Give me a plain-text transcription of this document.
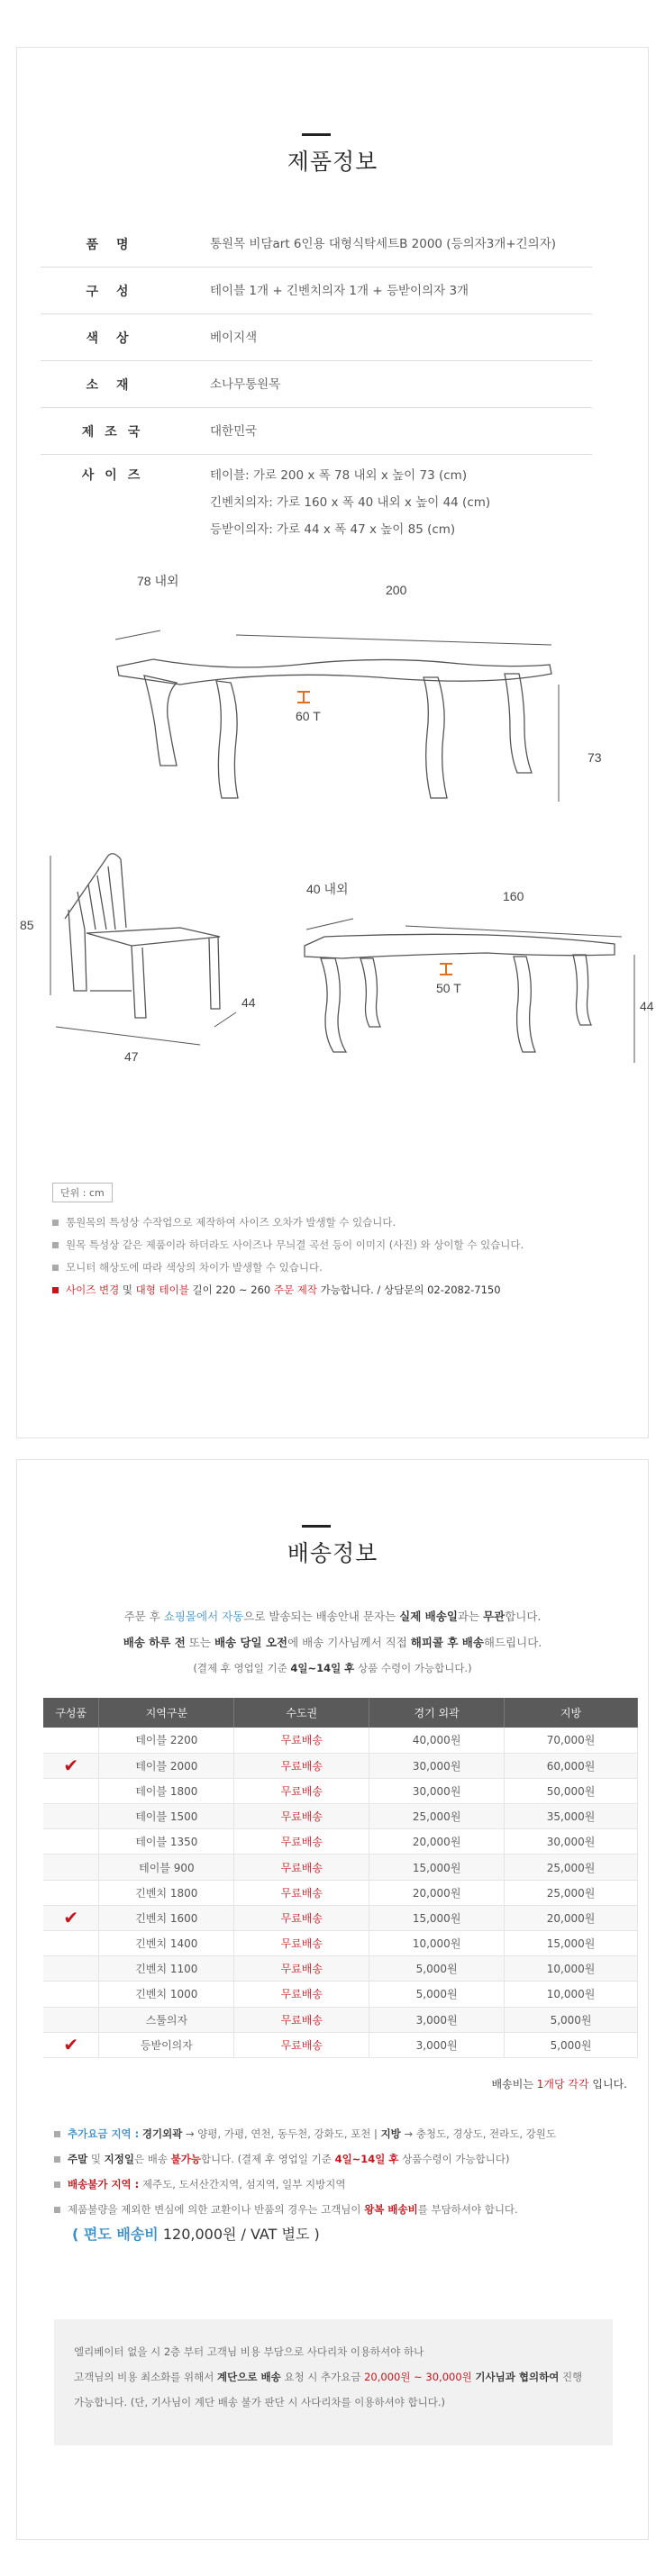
제품정보
품명	통원목 비담art 6인용 대형식탁세트B 2000 (등의자3개+긴의자)
구성	테이블 1개 + 긴벤치의자 1개 + 등받이의자 3개
색상	베이지색
소재	소나무통원목
제조국	대한민국
사이즈	테이블: 가로 200 x 폭 78 내외 x 높이 73 (cm)
긴벤치의자: 가로 160 x 폭 40 내외 x 높이 44 (cm)
등받이의자: 가로 44 x 폭 47 x 높이 85 (cm)
78 내외
200
60 T
73
85
47
44
40 내외	160
50 T
44
단위 : cm
통원목의 특성상 수작업으로 제작하여 사이즈 오차가 발생할 수 있습니다.
원목 특성상 같은 제품이라 하더라도 사이즈나 무늬결 곡선 등이 이미지 (사진) 와 상이할 수 있습니다.
모니터 해상도에 따라 색상의 차이가 발생할 수 있습니다.
사이즈 변경
및
대형 테이블
길이 220 ~ 260
주문 제작
가능합니다. / 상담문의 02-2082-7150
배송정보
주문 후 쇼핑몰에서 자동으로 발송되는 배송안내 문자는 실제 배송일과는 무관합니다.
배송 하루 전 또는 배송 당일 오전에 배송 기사님께서 직접 해피콜 후 배송해드립니다.
(결제 후 영업일 기준 4일~14일 후 상품 수령이 가능합니다.)
구성품	지역구분	수도권	경기 외곽	지방
	테이블 2200	무료배송	40,000원	70,000원
✔	테이블 2000	무료배송	30,000원	60,000원
	테이블 1800	무료배송	30,000원	50,000원
	테이블 1500	무료배송	25,000원	35,000원
	테이블 1350	무료배송	20,000원	30,000원
	테이블 900	무료배송	15,000원	25,000원
	긴벤치 1800	무료배송	20,000원	25,000원
✔	긴벤치 1600	무료배송	15,000원	20,000원
	긴벤치 1400	무료배송	10,000원	15,000원
	긴벤치 1100	무료배송	5,000원	10,000원
	긴벤치 1000	무료배송	5,000원	10,000원
	스툴의자	무료배송	3,000원	5,000원
✔	등받이의자	무료배송	3,000원	5,000원
배송비는 1개당 각각 입니다.
추가요금 지역 :
경기외곽
→ 양평, 가평, 연천, 동두천, 강화도, 포천 |
지방
→ 충청도, 경상도, 전라도, 강원도
주말
및
지정일 은 배송
불가능 합니다. (결제 후 영업일 기준
4일~14일 후
상품수령이 가능합니다)
배송불가 지역 :
제주도, 도서산간지역, 섬지역, 일부 지방지역
제품불량을 제외한 변심에 의한 교환이나 반품의 경우는 고객님이
왕복 배송비 를 부담하셔야 합니다.
( 편도 배송비 120,000원 / VAT 별도 )
엘리베이터 없을 시 2층 부터 고객님 비용 부담으로 사다리차 이용하셔야 하나
고객님의 비용 최소화를 위해서 계단으로 배송 요청 시 추가요금 20,000원 ~ 30,000원 기사님과 협의하여 진행
가능합니다. (단, 기사님이 계단 배송 불가 판단 시 사다리차를 이용하셔야 합니다.)
